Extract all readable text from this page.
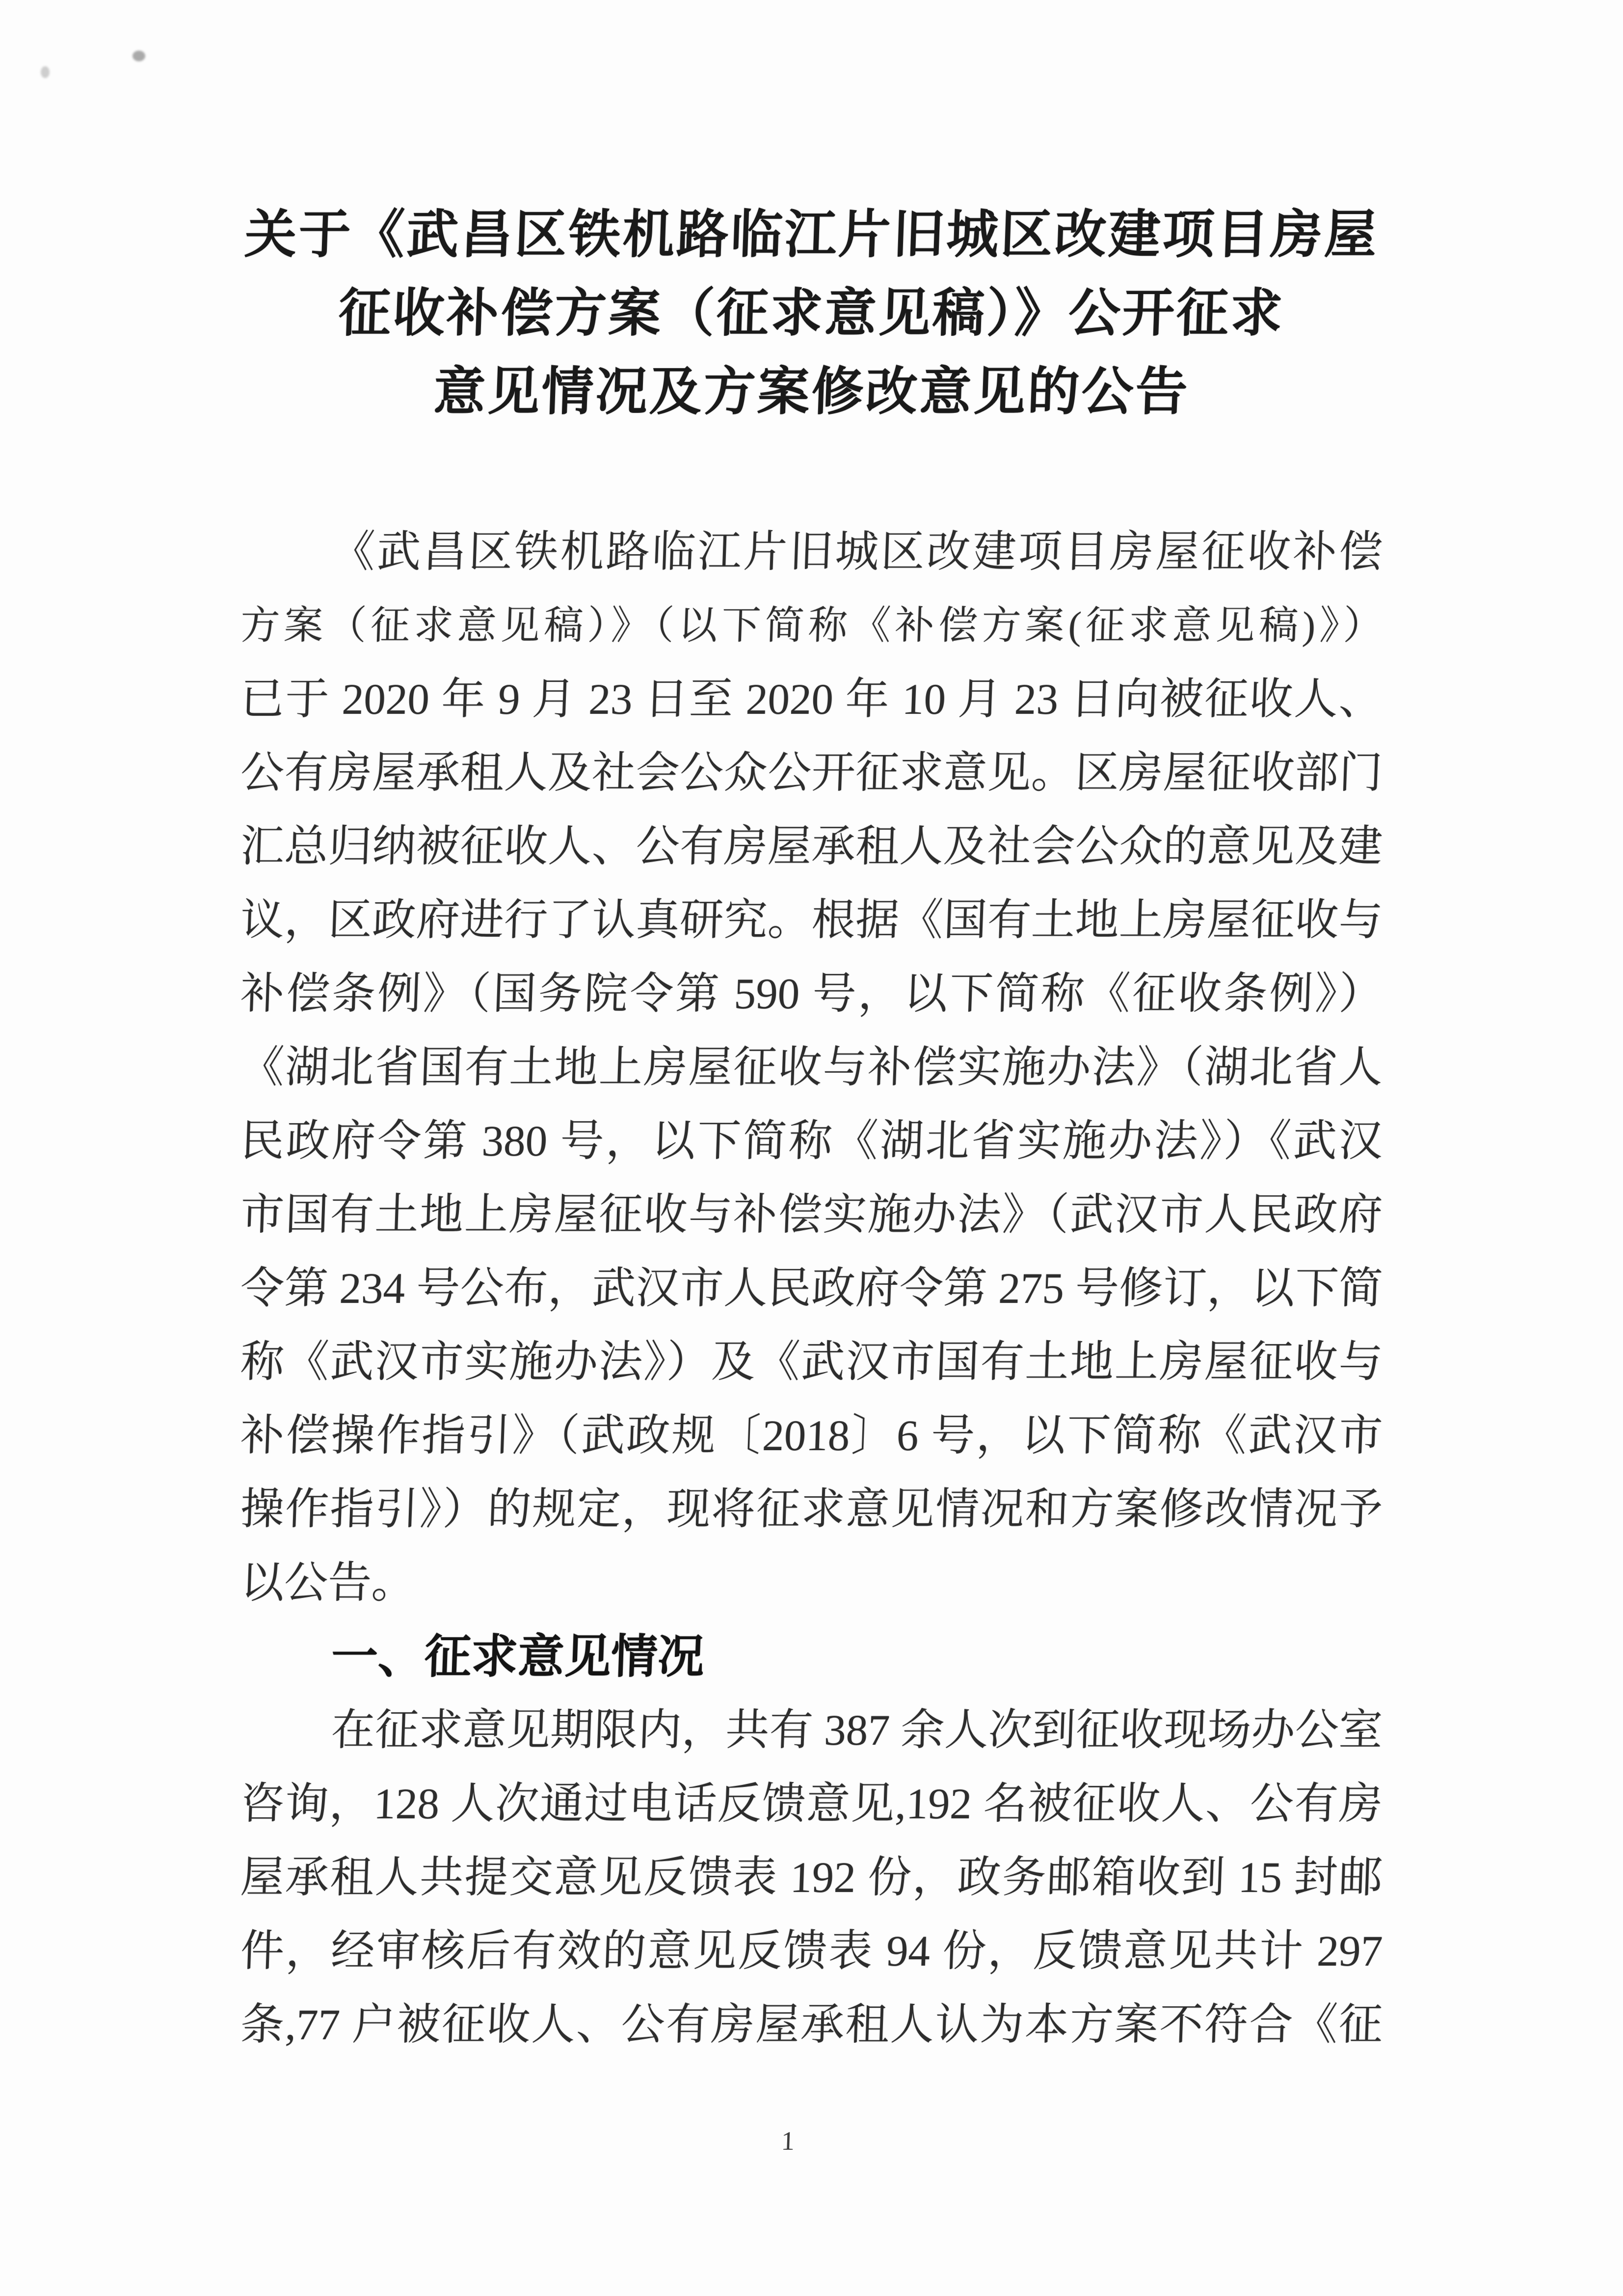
关于《武昌区铁机路临江片旧城区改建项目房屋
征收补偿方案（征求意见稿）》公开征求
意见情况及方案修改意见的公告
《武昌区铁机路临江片旧城区改建项目房屋征收补偿
方案（征求意见稿）》（以下简称《补偿方案(征求意见稿)》）
已于 2020 年 9 月 23 日至 2020 年 10 月 23 日向被征收人、
公有房屋承租人及社会公众公开征求意见。区房屋征收部门
汇总归纳被征收人、公有房屋承租人及社会公众的意见及建
议，区政府进行了认真研究。根据《国有土地上房屋征收与
补偿条例》（国务院令第 590 号，以下简称《征收条例》）
《湖北省国有土地上房屋征收与补偿实施办法》（湖北省人
民政府令第 380 号，以下简称《湖北省实施办法》）《武汉
市国有土地上房屋征收与补偿实施办法》（武汉市人民政府
令第 234 号公布，武汉市人民政府令第 275 号修订，以下简
称《武汉市实施办法》）及《武汉市国有土地上房屋征收与
补偿操作指引》（武政规〔2018〕6 号，以下简称《武汉市
操作指引》）的规定，现将征求意见情况和方案修改情况予
以公告。
一、征求意见情况
在征求意见期限内，共有 387 余人次到征收现场办公室
咨询，128 人次通过电话反馈意见,192 名被征收人、公有房
屋承租人共提交意见反馈表 192 份，政务邮箱收到 15 封邮
件，经审核后有效的意见反馈表 94 份，反馈意见共计 297
条,77 户被征收人、公有房屋承租人认为本方案不符合《征
1
